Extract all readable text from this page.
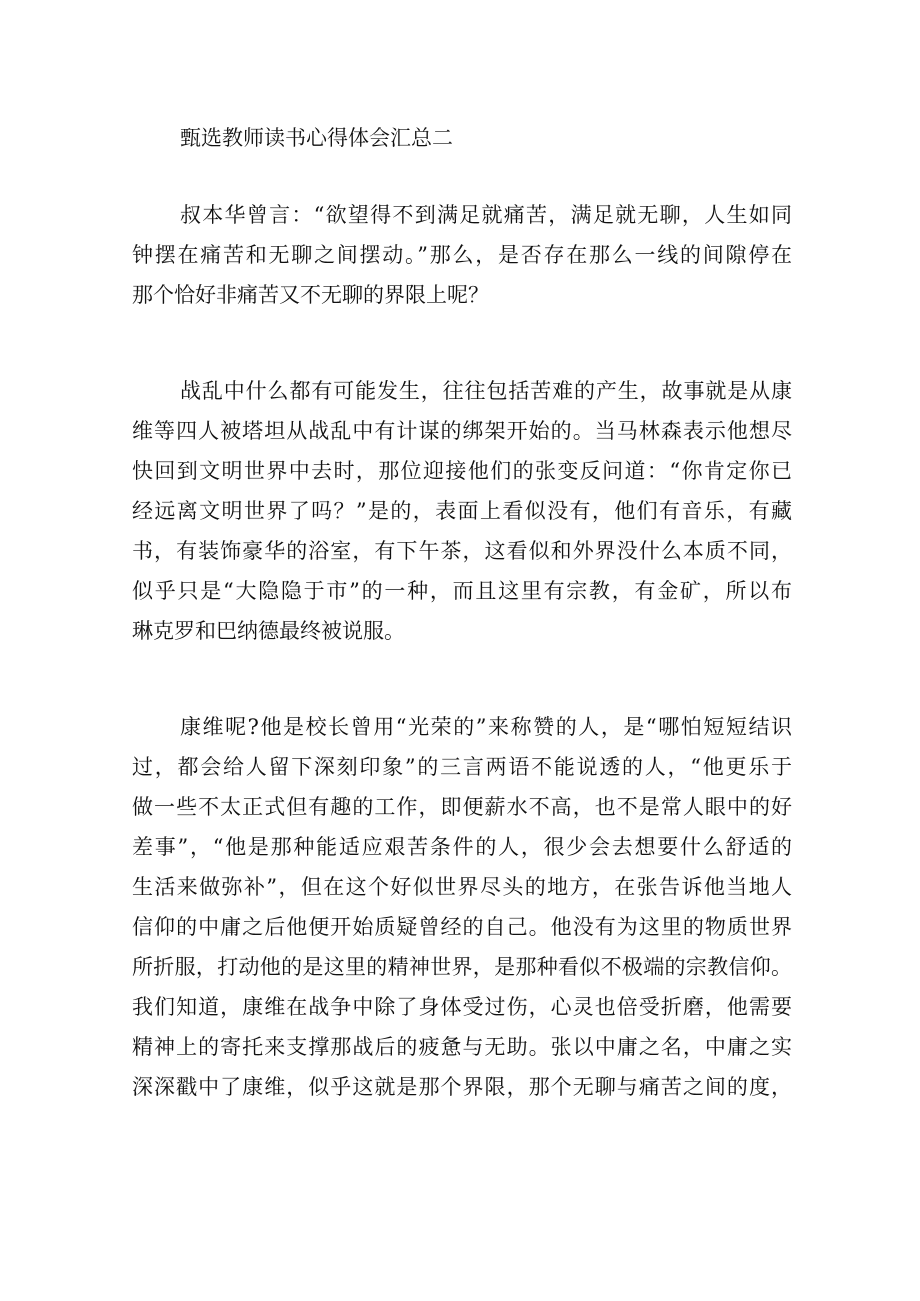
甄选教师读书心得体会汇总二

叔本华曾言：“欲望得不到满足就痛苦，满足就无聊，人生如同
钟摆在痛苦和无聊之间摆动。”那么，是否存在那么一线的间隙停在
那个恰好非痛苦又不无聊的界限上呢？

战乱中什么都有可能发生，往往包括苦难的产生，故事就是从康
维等四人被塔坦从战乱中有计谋的绑架开始的。当马林森表示他想尽
快回到文明世界中去时，那位迎接他们的张变反问道：“你肯定你已
经远离文明世界了吗？”是的，表面上看似没有，他们有音乐，有藏
书，有装饰豪华的浴室，有下午茶，这看似和外界没什么本质不同，
似乎只是“大隐隐于市”的一种，而且这里有宗教，有金矿，所以布
琳克罗和巴纳德最终被说服。

康维呢?他是校长曾用“光荣的”来称赞的人，是“哪怕短短结识
过，都会给人留下深刻印象”的三言两语不能说透的人，“他更乐于
做一些不太正式但有趣的工作，即便薪水不高，也不是常人眼中的好
差事”，“他是那种能适应艰苦条件的人，很少会去想要什么舒适的
生活来做弥补”，但在这个好似世界尽头的地方，在张告诉他当地人
信仰的中庸之后他便开始质疑曾经的自己。他没有为这里的物质世界
所折服，打动他的是这里的精神世界，是那种看似不极端的宗教信仰。
我们知道，康维在战争中除了身体受过伤，心灵也倍受折磨，他需要
精神上的寄托来支撑那战后的疲惫与无助。张以中庸之名，中庸之实
深深戳中了康维，似乎这就是那个界限，那个无聊与痛苦之间的度，
